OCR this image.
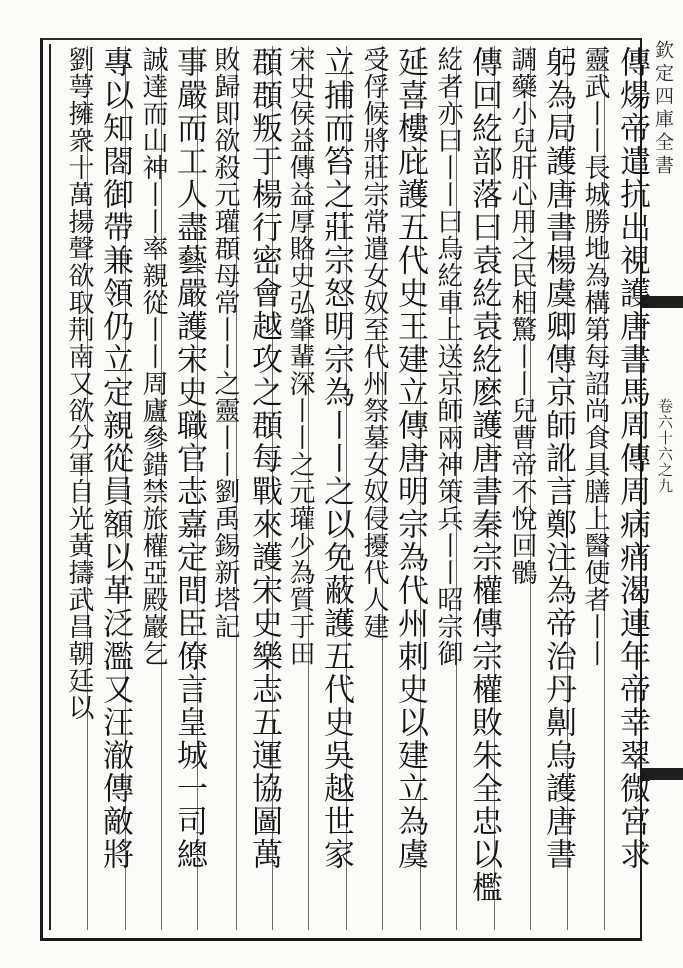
欽定四庫全書
卷六十六之九
傳煬帝遣抗出視護唐書馬周傳周病痟渴連年帝幸翠微宮求
靈武丨丨長城勝地為構第每詔尚食具膳上醫使者丨丨
躬為局護唐書楊虞卿傳京師訛言鄭注為帝治丹劓烏護唐書
調藥小兒肝心用之民相驚丨丨兒曹帝不悅回鶻
傳回紇部落曰袁紇袁紇麽護唐書秦宗權傳宗權敗朱全忠以檻
紇者亦曰丨丨曰烏紇車上送京師兩神策兵丨丨昭宗御
延喜樓庇護五代史王建立傳唐明宗為代州刺史以建立為虞
受俘候將莊宗常遣女奴至代州祭墓女奴侵擾代人建
立捕而笞之莊宗怒明宗為丨丨之以免蔽護五代史吳越世家
宋史侯益傳益厚賂史弘肇輩深丨丨之元瓘少為質于田
頵頵叛于楊行密會越攻之頵每戰來護宋史樂志五運協圖萬
敗歸即欲殺元瓘頵母常丨丨之靈丨丨劉禹錫新塔記
事嚴而工人盡藝嚴護宋史職官志嘉定間臣僚言皇城一司總
誠達而山神丨丨率親從丨丨周廬參錯禁旅權亞殿巖乞
專以知閤御帶兼領仍立定親從員額以革泛濫又汪澈傳敵將
劉萼擁衆十萬揚聲欲取荆南又欲分軍自光黃擣武昌朝廷以
